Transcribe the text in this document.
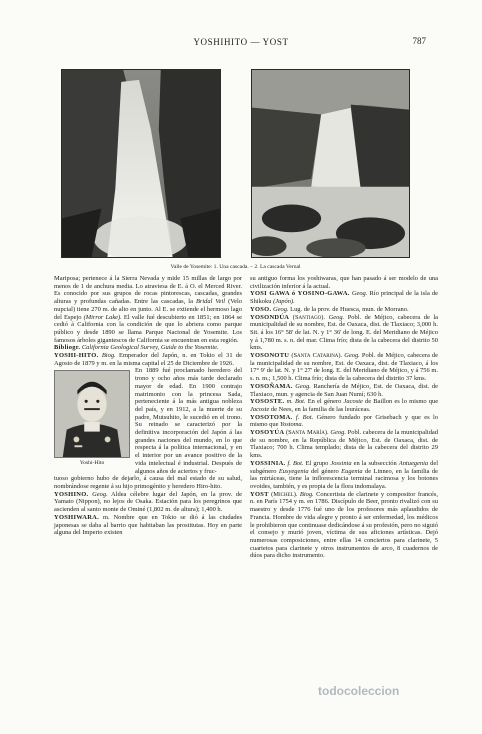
YOSHIHITO — YOST	787
Valle de Yosemite: 1. Una cascada. – 2. La cascada Vernal

Mariposa; pertenece á la Sierra Nevada y mide 15 millas de largo por menos de 1 de anchura media. Lo atraviesa de E. á O. el Merced River. Es conocido por sus grupos de rocas pintorescas, cascadas, grandes alturas y profundas cañadas. Entre las cascadas, la Bridal Veil (Velo nupcial) tiene 270 m. de alto en junto. Al E. se extiende el hermoso lago del Espejo (Mirror Lake). El valle fué descubierto en 1851; en 1864 se cedió á California con la condición de que lo abriera como parque público y desde 1890 se llama Parque Nacional de Yosemite. Los famosos árboles gigantescos de California se encuentran en esta región.

Bibliogr. California Geological Survey, Guide to the Yosemite.

YOSHI-HITO. Biog. Emperador del Japón, n. en Tokio el 31 de Agosto de 1879 y m. en la misma capital el 25 de Diciembre de 1926.

Yoshi-Hito
En 1889 fué proclamado heredero del trono y ocho años más tarde declarado mayor de edad. En 1900 contrajo matrimonio con la princesa Sada, perteneciente á la más antigua nobleza del país, y en 1912, a la muerte de su padre, Mutsuhito, le sucedió en el trono. Su reinado se caracterizó por la definitiva incorporación del Japón á las grandes naciones del mundo, en lo que respecta á la política internacional, y en el interior por un avance positivo de la vida intelectual é industrial. Después de algunos años de aciertos y fruc-

tuoso gobierno hubo de dejarlo, á causa del mal estado de su salud, nombrándose regente á su hijo primogénito y heredero Hiro-hito.

YOSHINO. Geog. Aldea célebre lugar del Japón, en la prov. de Yamato (Nippon), no lejos de Osaka. Estación para los peregrinos que ascienden al santo monte de Ominé (1,802 m. de altura); 1,400 h.

YOSHIWARA. m. Nombre que en Tokio se dió á las ciudades japonesas se daba al barrio que habitaban las prostitutas. Hoy en parte alguna del Imperio existen

su antiguo forma los yoshiwaras, que han pasado á ser modelo de una civilización inferior á la actual.

YOSI GAWA ó YOSINO-GAWA. Geog. Río principal de la isla de Shikoku (Japón).

YOSO. Geog. Lug. de la prov. de Huesca, mun. de Morrano.

YOSONDÚA (Santiago). Geog. Pobl. de Méjico, cabecera de la municipalidad de su nombre, Est. de Oaxaca, dist. de Tlaxiaco; 3,000 h. Sit. á los 16° 58' de lat. N. y 1° 36' de long. E. del Meridiano de Méjico y á 1,780 m. s. n. del mar. Clima frío; dista de la cabecera del distrito 50 kms.

YOSONOTU (Santa Catarina). Geog. Pobl. de Méjico, cabecera de la municipalidad de su nombre, Est. de Oaxaca, dist. de Tlaxiaco, á los 17° 9' de lat. N. y 1° 27' de long. E. del Meridiano de Méjico, y á 756 m. s. n. m.; 1,500 h. Clima frío; dista de la cabecera del distrito 37 kms.

YOSOÑAMA. Geog. Ranchería de Méjico, Est. de Oaxaca, dist. de Tlaxiaco, mun. y agencia de San Juan Numí; 630 h.

YOSOSTE. m. Bot. En el género Jacoste de Baillon es lo mismo que Jacoste de Nees, en la familia de las leuráceas.

YOSOTOMA. f. Bot. Género fundado por Grisebach y que es lo mismo que Yostoma.

YOSOYÚA (Santa María). Geog. Pobl. cabecera de la municipalidad de su nombre, en la República de Méjico, Est. de Oaxaca, dist. de Tlaxiaco; 700 h. Clima templado; dista de la cabecera del distrito 29 kms.

YOSSINIA. f. Bot. El grupo Jossinia en la subsección Antuegenia del subgénero Eusyegenia del género Eugenia de Linneo, en la familia de las mirtáceas, tiene la inflorescencia terminal racimosa y los botones ovoides, también, y es propia de la flora indomalaya.

YOST (Michel). Biog. Concertista de clarinete y compositor francés, n. en París 1754 y m. en 1786. Discípulo de Beer, pronto rivalizó con su maestro y desde 1776 fué uno de los profesores más aplaudidos de Francia. Hombre de vida alegre y pronto á ser enfermedad, los médicos le prohibieron que continuase dedicándose á su profesión, pero no siguió el consejo y murió joven, víctima de sus aficiones artísticas. Dejó numerosas composiciones, entre ellas 14 conciertos para clarinete, 5 cuartetos para clarinete y otros instrumentos de arco, 8 cuadernos de dúos para dicho instrumento.

todocoleccion
